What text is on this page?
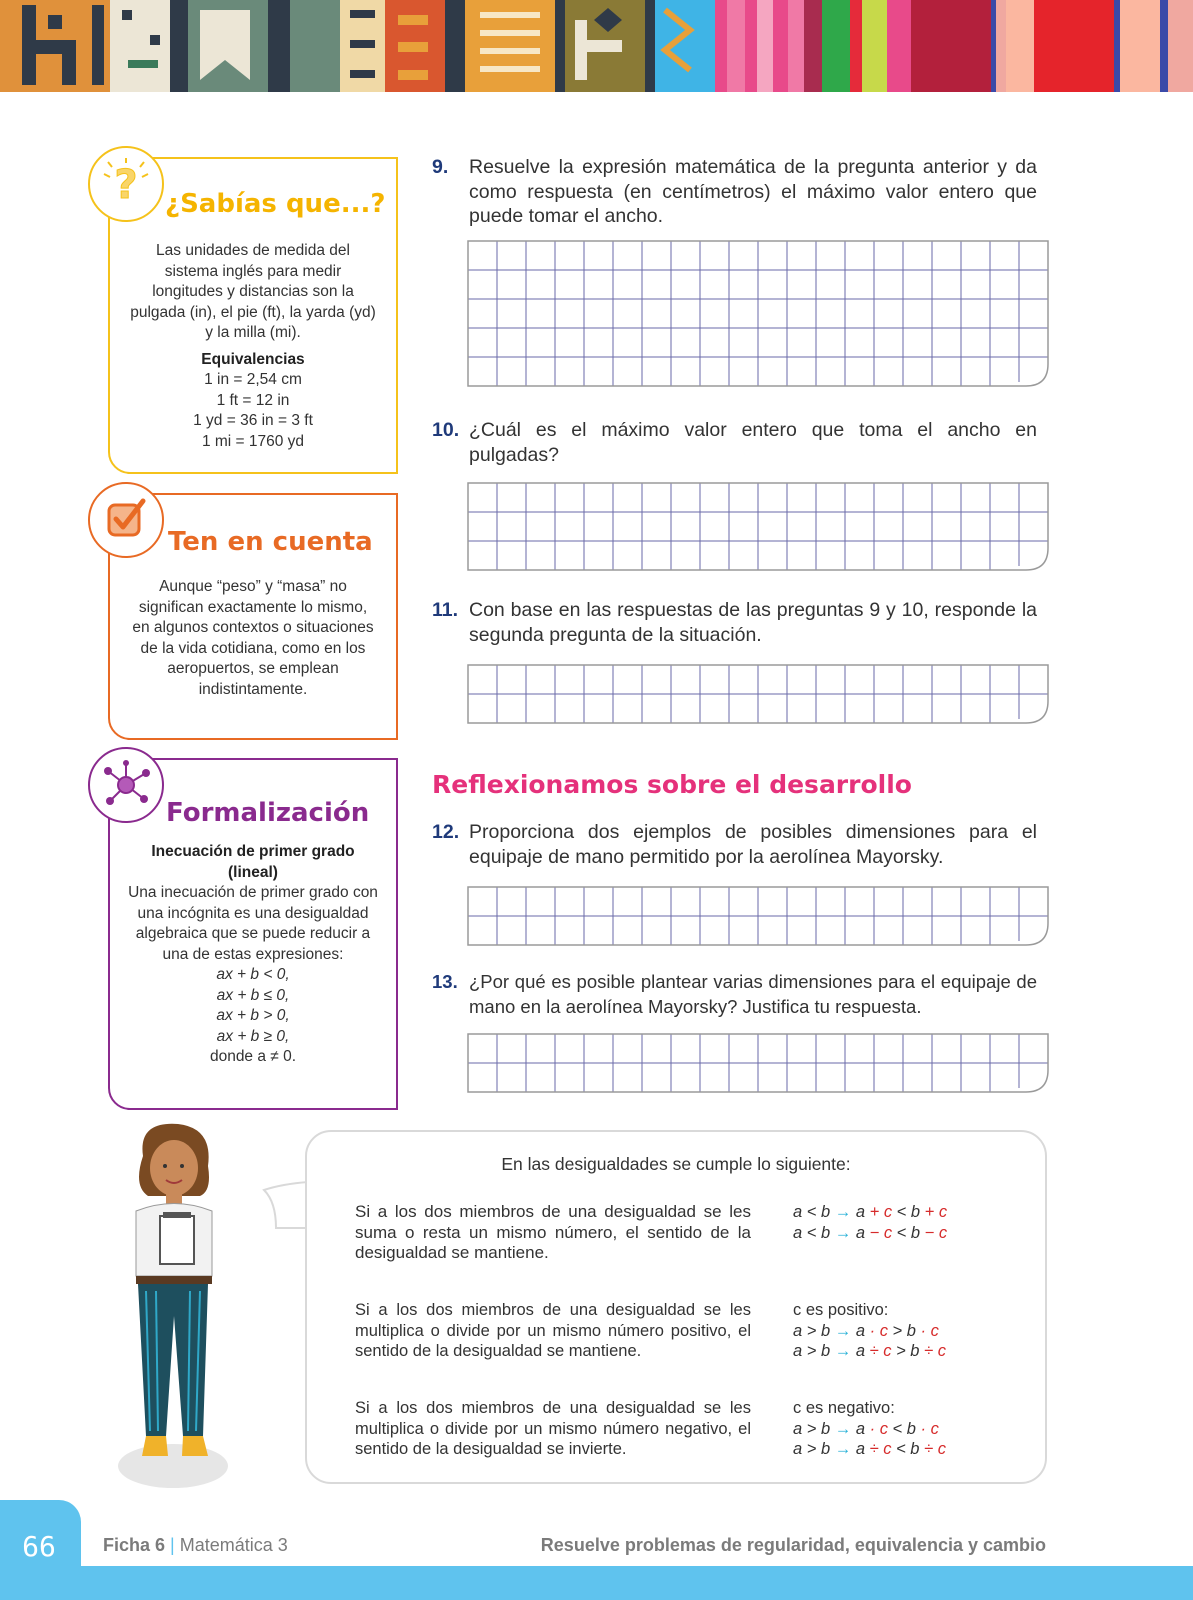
? ¿Sabías que...?
Las unidades de medida del sistema inglés para medir longitudes y distancias son la pulgada (in), el pie (ft), la yarda (yd) y la milla (mi).
Equivalencias
1 in = 2,54 cm
1 ft = 12 in
1 yd = 36 in = 3 ft
1 mi = 1760 yd
Ten en cuenta
Aunque “peso” y “masa” no significan exactamente lo mismo, en algunos contextos o situaciones de la vida cotidiana, como en los aeropuertos, se emplean indistintamente.
Formalización
Inecuación de primer grado (lineal)
Una inecuación de primer grado con una incógnita es una desigualdad algebraica que se puede reducir a una de estas expresiones:
ax + b < 0,
ax + b ≤ 0,
ax + b > 0,
ax + b ≥ 0,
donde a ≠ 0.
9. Resuelve la expresión matemática de la pregunta anterior y da como respuesta (en centímetros) el máximo valor entero que puede tomar el ancho.
10. ¿Cuál es el máximo valor entero que toma el ancho en pulgadas?
11. Con base en las respuestas de las preguntas 9 y 10, responde la segunda pregunta de la situación.
Reflexionamos sobre el desarrollo
12. Proporciona dos ejemplos de posibles dimensiones para el equipaje de mano permitido por la aerolínea Mayorsky.
13. ¿Por qué es posible plantear varias dimensiones para el equipaje de mano en la aerolínea Mayorsky? Justifica tu respuesta.
En las desigualdades se cumple lo siguiente:
Si a los dos miembros de una desigualdad se les suma o resta un mismo número, el sentido de la desigualdad se mantiene.
a < b → a + c < b + c
a < b → a − c < b − c
Si a los dos miembros de una desigualdad se les multiplica o divide por un mismo número positivo, el sentido de la desigualdad se mantiene.
c es positivo:
a > b → a · c > b · c
a > b → a ÷ c > b ÷ c
Si a los dos miembros de una desigualdad se les multiplica o divide por un mismo número negativo, el sentido de la desigualdad se invierte.
c es negativo:
a > b → a · c < b · c
a > b → a ÷ c < b ÷ c
66	Ficha 6 | Matemática 3	Resuelve problemas de regularidad, equivalencia y cambio
